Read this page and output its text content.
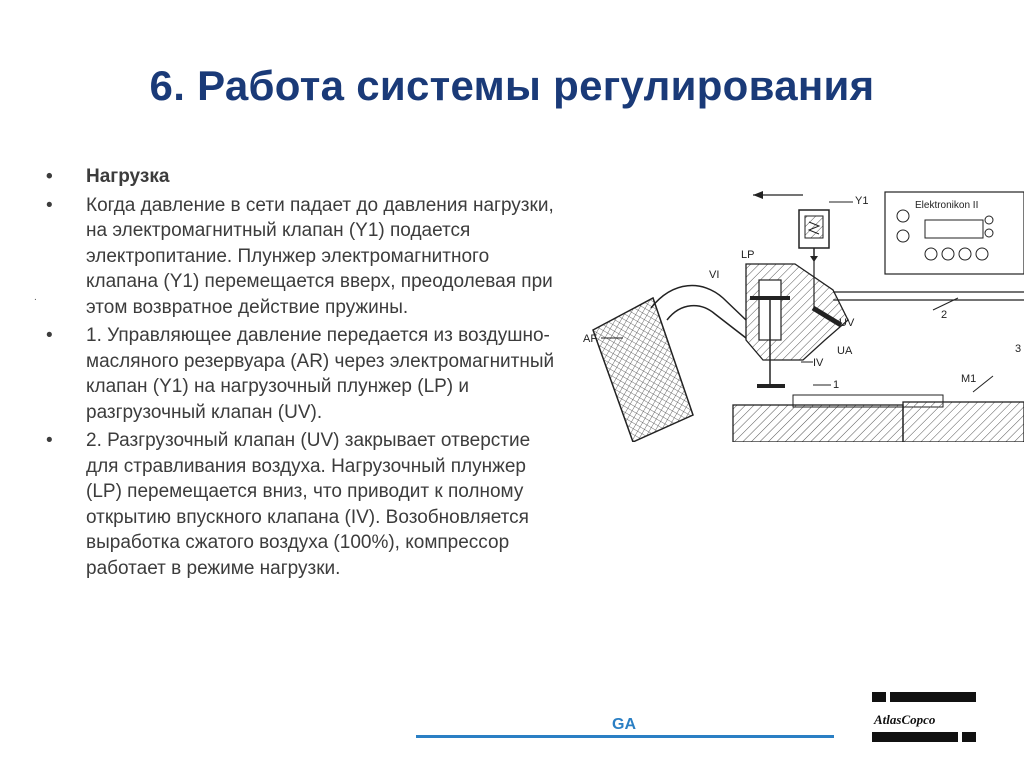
6. Работа системы регулирования
.
• Нагрузка
• Когда давление в сети падает до давления нагрузки, на электромагнитный клапан (Y1) подается электропитание. Плунжер электромагнитного клапана (Y1) перемещается вверх, преодолевая при этом возвратное действие пружины.
• 1. Управляющее давление передается из воздушно- масляного резервуара (AR) через электромагнитный клапан (Y1) на нагрузочный плунжер (LP) и разгрузочный клапан (UV).
• 2. Разгрузочный клапан (UV) закрывает отверстие для стравливания воздуха. Нагрузочный плунжер (LP) перемещается вниз, что приводит к полному открытию впускного клапана (IV). Возобновляется выработка сжатого воздуха (100%), компрессор работает в режиме нагрузки.
Y1	Elektronikon II
2
LP
VI
UV
UA
IV
1
AF
M1
3
GA	AtlasCopco
